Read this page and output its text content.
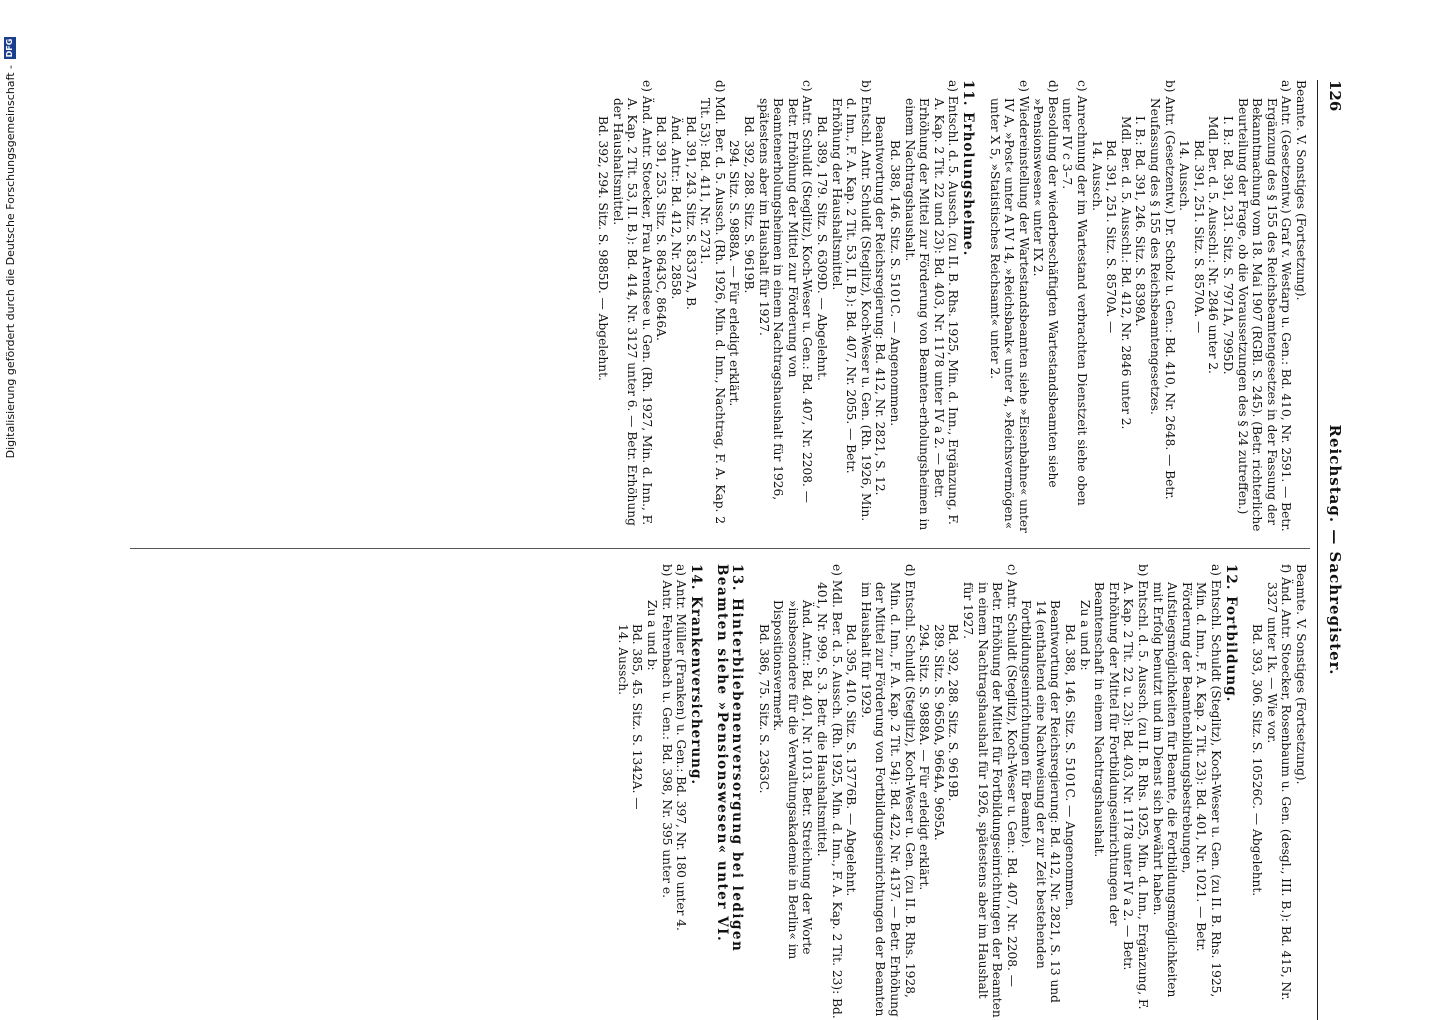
Digitalisierung gefördert durch die Deutsche Forschungsgemeinschaft -
DFG
126
Reichstag. — Sachregister.

Beamte. V. Sonstiges (Fortsetzung).

a) Antr. (Gesetzentw.) Graf v. Westarp u. Gen.: Bd. 410, Nr. 2591. — Betr. Ergänzung des § 155 des Reichsbeamtengesetzes in der Fassung der Bekanntmachung vom 18. Mai 1907 (RGBl. S. 245). (Betr. richterliche Beurteilung der Frage, ob die Voraussetzungen des § 24 zutreffen.)

I. B.: Bd. 391, 231. Sitz. S. 7971A, 7995D.

Mdl. Ber. d. 5. Ausschl.: Nr. 2846 unter 2.

Bd. 391, 251. Sitz. S. 8570A. —

14. Aussch.

b) Antr. (Gesetzentw.) Dr. Scholz u. Gen.: Bd. 410, Nr. 2648. — Betr. Neufassung des § 155 des Reichsbeamtengesetzes.

I. B.: Bd. 391, 246. Sitz. S. 8398A.

Mdl. Ber. d. 5. Ausschl.: Bd. 412, Nr. 2846 unter 2.

Bd. 391, 251. Sitz. S. 8570A. —

14. Aussch.

c) Anrechnung der im Wartestand verbrachten Dienstzeit siehe oben unter IV c 3–7.

d) Besoldung der wiederbeschäftigten Wartestandsbeamten siehe »Pensionswesen« unter IX 2.

e) Wiedereinstellung der Wartestandsbeamten siehe »Eisenbahne« unter IV A, »Post« unter A IV 14, »Reichsbank« unter 4, »Reichsvermögen« unter X 5, »Statistisches Reichsamt« unter 2.

11. Erholungsheime.

a) Entschl. d. 5. Aussch. (zu II. B. Rhs. 1925, Min. d. Inn., Ergänzung, F. A. Kap. 2 Tit. 22 und 23): Bd. 403, Nr. 1178 unter IV a 2. — Betr. Erhöhung der Mittel zur Förderung von Beamten-erholungsheimen in einem Nachtragshaushalt.

Bd. 388, 146. Sitz. S. 5101C. — Angenommen.

Beantwortung der Reichsregierung: Bd. 412, Nr. 2821, S. 12.

b) Entschl. Antr. Schuldt (Steglitz), Koch-Weser u. Gen. (Rh. 1926, Min. d. Inn., F. A. Kap. 2 Tit. 53, II. B.): Bd. 407, Nr. 2055. — Betr. Erhöhung der Haushaltsmittel.

Bd. 389, 179. Sitz. S. 6309D. — Abgelehnt.

c) Antr. Schuldt (Steglitz), Koch-Weser u. Gen.: Bd. 407, Nr. 2208. — Betr. Erhöhung der Mittel zur Förderung von Beamtenerholungsheimen in einem Nachtragshaushalt für 1926, spätestens aber im Haushalt für 1927.

Bd. 392, 288. Sitz. S. 9619B.

294. Sitz. S. 9888A. — Für erledigt erklärt.

d) Mdl. Ber. d. 5. Aussch. (Rh. 1926, Min. d. Inn., Nachtrag, F. A. Kap. 2 Tit. 53): Bd. 411, Nr. 2731.

Bd. 391, 243. Sitz. S. 8337A, B.

Änd. Antr.: Bd. 412, Nr. 2858.

Bd. 391, 253. Sitz. S. 8643C, 8646A.

e) Änd. Antr. Stoecker, Frau Arendsee u. Gen. (Rh. 1927, Min. d. Inn., F. A. Kap. 2 Tit. 53, II. B.): Bd. 414, Nr. 3127 unter 6. — Betr. Erhöhung der Haushaltsmittel.

Bd. 392, 294. Sitz. S. 9885D. — Abgelehnt.

Beamte. V. Sonstiges (Fortsetzung).

f) Änd. Antr. Stoecker, Rosenbaum u. Gen. (desgl., III. B.): Bd. 415, Nr. 3327 unter 1k. — Wie vor.

Bd. 393, 306. Sitz. S. 10526C. — Abgelehnt.

12. Fortbildung.

a) Entschl. Schuldt (Steglitz), Koch-Weser u. Gen. (zu II. B. Rhs. 1925, Min. d. Inn., F. A. Kap. 2 Tit. 23): Bd. 401, Nr. 1021. — Betr. Förderung der Beamtenbildungsbestrebungen, Aufstiegsmöglichkeiten für Beamte, die Fortbildungsmöglichkeiten mit Erfolg benutzt und im Dienst sich bewährt haben.

b) Entschl. d. 5. Aussch. (zu II. B. Rhs. 1925, Min. d. Inn., Ergänzung, F. A. Kap. 2 Tit. 22 u. 23): Bd. 403, Nr. 1178 unter IV a 2. — Betr. Erhöhung der Mittel für Fortbildungseinrichtungen der Beamtenschaft in einem Nachtragshaushalt.

Zu a und b:

Bd. 388, 146. Sitz. S. 5101C. — Angenommen.

Beantwortung der Reichsregierung: Bd. 412, Nr. 2821, S. 13 und 14 (enthaltend eine Nachweisung der zur Zeit bestehenden Fortbildungseinrichtungen für Beamte).

c) Antr. Schuldt (Steglitz), Koch-Weser u. Gen.: Bd. 407, Nr. 2208. — Betr. Erhöhung der Mittel für Fortbildungseinrichtungen der Beamten in einem Nachtragshaushalt für 1926, spätestens aber im Haushalt für 1927.

Bd. 392, 288. Sitz. S. 9619B.

289. Sitz. S. 9650A, 9664A, 9695A.

294. Sitz. S. 9888A. — Für erledigt erklärt.

d) Entschl. Schuldt (Steglitz), Koch-Weser u. Gen. (zu II. B. Rhs. 1928, Min. d. Inn., F. A. Kap. 2 Tit. 54): Bd. 422, Nr. 4137. — Betr. Erhöhung der Mittel zur Förderung von Fortbildungseinrichtungen der Beamten im Haushalt für 1929.

Bd. 395, 410. Sitz. S. 13776B. — Abgelehnt.

e) Mdl. Ber. d. 5. Aussch. (Rh. 1925, Min. d. Inn., F. A. Kap. 2 Tit. 23): Bd. 401, Nr. 999, S. 3. Betr. die Haushaltsmittel.

Änd. Antr.: Bd. 401, Nr. 1013. Betr. Streichung der Worte »insbesondere für die Verwaltungsakademie in Berlin« im Dispositionsvermerk.

Bd. 386, 75. Sitz. S. 2363C.

13. Hinterbliebenenversorgung bei ledigen Beamten siehe »Pensionswesen« unter VI.

14. Krankenversicherung.

a) Antr. Müller (Franken) u. Gen.: Bd. 397, Nr. 180 unter 4.

b) Antr. Fehrenbach u. Gen.: Bd. 398, Nr. 395 unter e.

Zu a und b:

Bd. 385, 45. Sitz. S. 1342A. —

14. Aussch.
